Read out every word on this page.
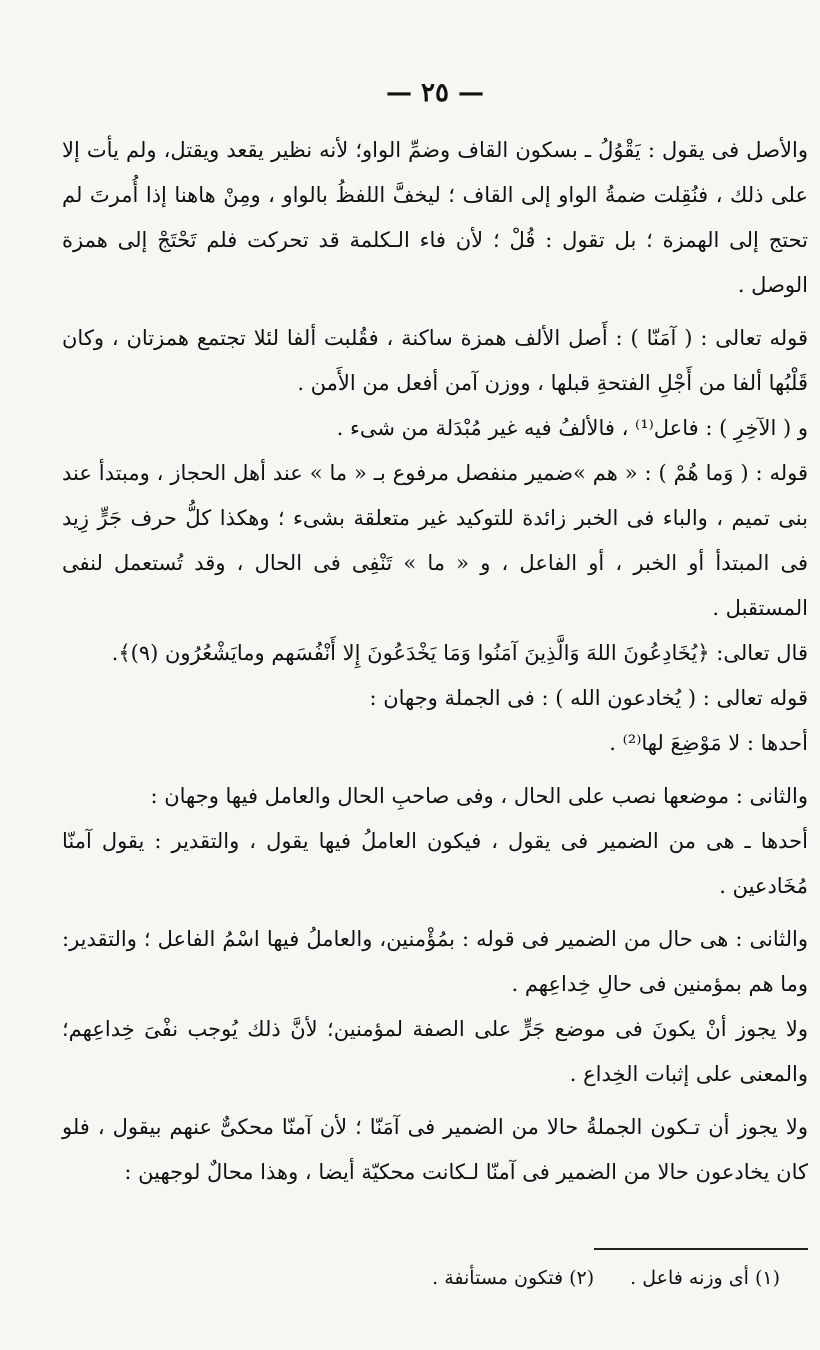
— ٢٥ —

والأصل فى يقول : يَقْوُلُ ـ بسكون القاف وضمِّ الواو؛ لأنه نظير يقعد ويقتل، ولم يأت إلا على ذلك ، فنُقِلت ضمةُ الواو إلى القاف ؛ ليخفَّ اللفظُ بالواو ، ومِنْ هاهنا إذا أُمرتَ لم تحتج إلى الهمزة ؛ بل تقول : قُلْ ؛ لأن فاء الـكلمة قد تحركت فلم تَحْتَجْ إلى همزة الوصل .

قوله تعالى : ( آمَنّا ) : أَصل الألف همزة ساكنة ، فقُلبت ألفا لئلا تجتمع همزتان ، وكان قَلْبُها ألفا من أَجْلِ الفتحةِ قبلها ، ووزن آمن أفعل من الأَمن .

و ( الآخِرِ ) : فاعل⁽¹⁾ ، فالألفُ فيه غير مُبْدَلة من شىء .

قوله : ( وَما هُمْ ) : « هم »ضمير منفصل مرفوع بـ « ما » عند أهل الحجاز ، ومبتدأ عند بنى تميم ، والباء فى الخبر زائدة للتوكيد غير متعلقة بشىء ؛ وهكذا كلُّ حرف جَرٍّ زِيد فى المبتدأ أو الخبر ، أو الفاعل ، و « ما » تَنْفِى فى الحال ، وقد تُستعمل لنفى المستقبل .

قال تعالى: ﴿يُخَادِعُونَ اللهَ وَالَّذِينَ آمَنُوا وَمَا يَخْدَعُونَ إِلا أَنْفُسَهم ومايَشْعُرُون (٩)﴾.

قوله تعالى : ( يُخادعون الله ) : فى الجملة وجهان :

أحدها : لا مَوْضِعَ لها⁽²⁾ .

والثانى : موضعها نصب على الحال ، وفى صاحبِ الحال والعامل فيها وجهان :

أحدها ـ هى من الضمير فى يقول ، فيكون العاملُ فيها يقول ، والتقدير : يقول آمنّا مُخَادعين .

والثانى : هى حال من الضمير فى قوله : بمُؤْمنين، والعاملُ فيها اسْمُ الفاعل ؛ والتقدير: وما هم بمؤمنين فى حالِ خِداعِهم .

ولا يجوز أنْ يكونَ فى موضع جَرٍّ على الصفة لمؤمنين؛ لأنَّ ذلك يُوجب نفْىَ خِداعِهم؛ والمعنى على إثبات الخِداع .

ولا يجوز أن تـكون الجملةُ حالا من الضمير فى آمَنّا ؛ لأن آمنّا محكىٌّ عنهم بيقول ، فلو كان يخادعون حالا من الضمير فى آمنّا لـكانت محكيّة أيضا ، وهذا محالٌ لوجهين :

(١) أى وزنه فاعل .(٢) فتكون مستأنفة .
